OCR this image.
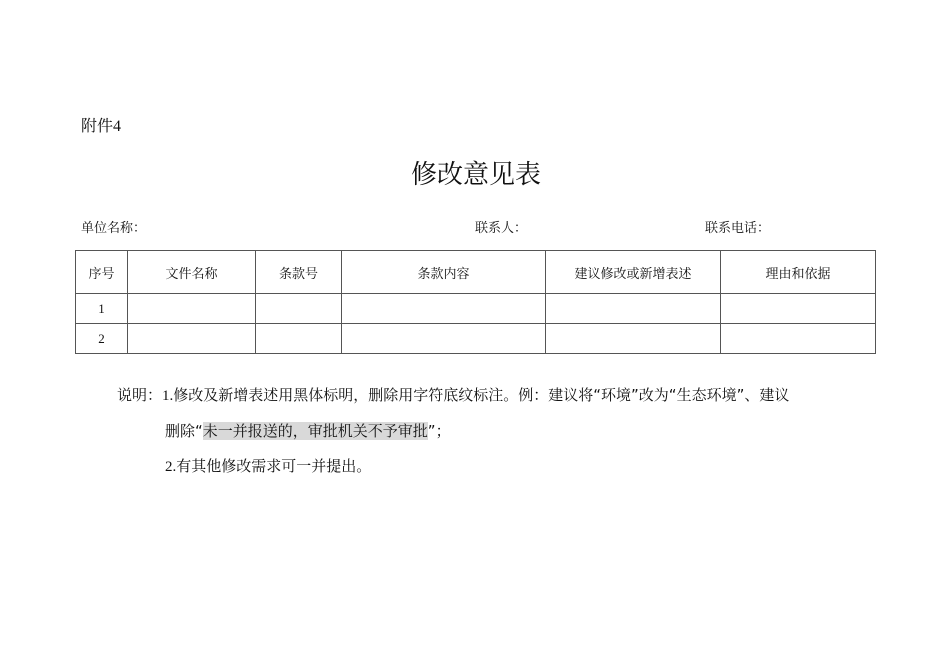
附件4
修改意见表
单位名称：	联系人：	联系电话：
序号	文件名称	条款号	条款内容	建议修改或新增表述	理由和依据
1					
2					
说明：1.修改及新增表述用黑体标明，删除用字符底纹标注。例：建议将“环境”改为“生态环境”、建议
删除“未一并报送的，审批机关不予审批”；
2.有其他修改需求可一并提出。
